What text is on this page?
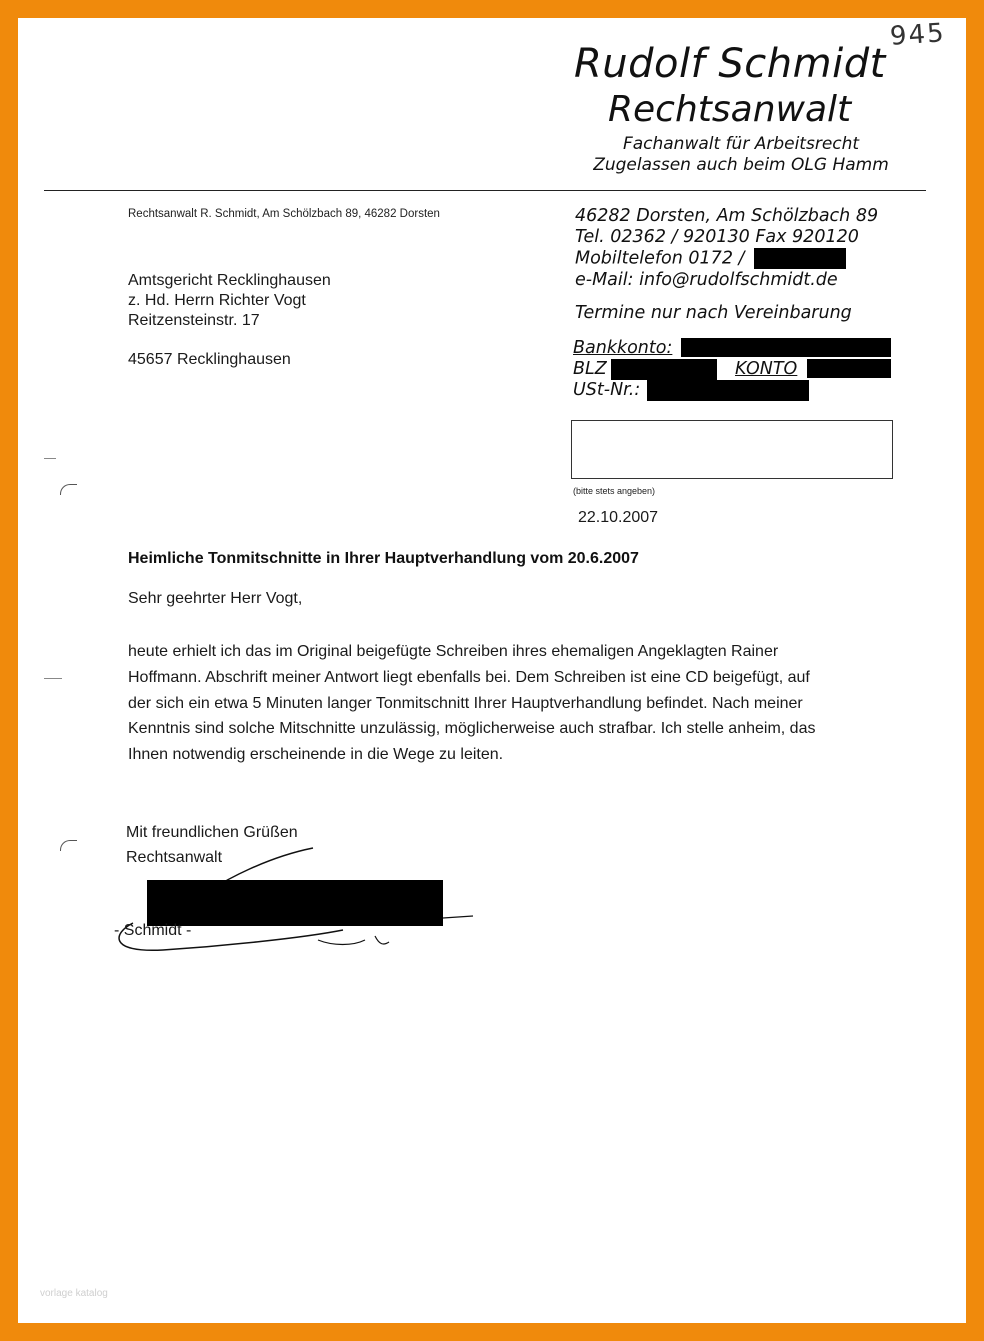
945
Rudolf Schmidt
Rechtsanwalt
Fachanwalt für Arbeitsrecht
Zugelassen auch beim OLG Hamm
Rechtsanwalt R. Schmidt, Am Schölzbach 89, 46282 Dorsten
Amtsgericht Recklinghausen
z. Hd. Herrn Richter Vogt
Reitzensteinstr. 17
45657 Recklinghausen
46282 Dorsten, Am Schölzbach 89
Tel. 02362 / 920130 Fax 920120
Mobiltelefon 0172 /
e-Mail: info@rudolfschmidt.de
Termine nur nach Vereinbarung
Bankkonto:
BLZ	KONTO
USt-Nr.:
(bitte stets angeben)
22.10.2007
Heimliche Tonmitschnitte in Ihrer Hauptverhandlung vom 20.6.2007
Sehr geehrter Herr Vogt,
heute erhielt ich das im Original beigefügte Schreiben ihres ehemaligen Angeklagten Rainer
Hoffmann. Abschrift meiner Antwort liegt ebenfalls bei. Dem Schreiben ist eine CD beigefügt, auf
der sich ein etwa 5 Minuten langer Tonmitschnitt Ihrer Hauptverhandlung befindet. Nach meiner
Kenntnis sind solche Mitschnitte unzulässig, möglicherweise auch strafbar. Ich stelle anheim, das
Ihnen notwendig erscheinende in die Wege zu leiten.
Mit freundlichen Grüßen
Rechtsanwalt
- Schmidt -
vorlage katalog
